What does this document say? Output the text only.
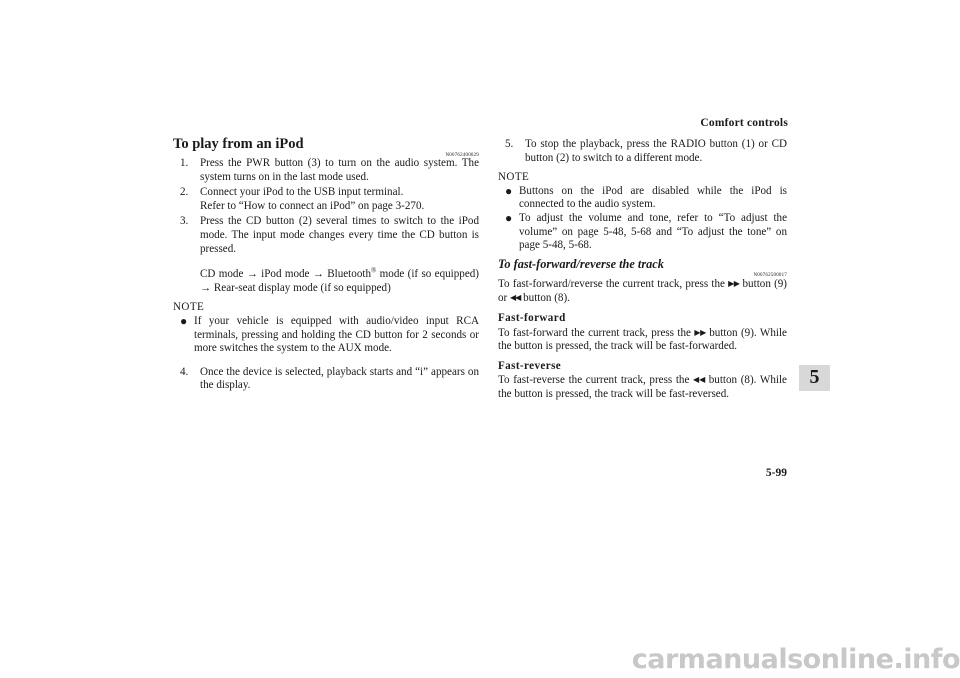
Comfort controls
5
5-99
To play from an iPod
N00762400029
1.	Press the PWR button (3) to turn on the audio system. The system turns on in the last mode used.
2.	Connect your iPod to the USB input terminal.
Refer to “How to connect an iPod” on page 3-270.
3.	Press the CD button (2) several times to switch to the iPod mode. The input mode changes every time the CD button is pressed.
CD mode → iPod mode → Bluetooth® mode (if so equipped) → Rear-seat display mode (if so equipped)
NOTE
● If your vehicle is equipped with audio/video input RCA terminals, pressing and holding the CD button for 2 seconds or more switches the system to the AUX mode.
4.	Once the device is selected, playback starts and “i” appears on the display.
5.	To stop the playback, press the RADIO button (1) or CD button (2) to switch to a different mode.
NOTE
● Buttons on the iPod are disabled while the iPod is connected to the audio system.
● To adjust the volume and tone, refer to “To adjust the volume” on page 5-48, 5-68 and “To adjust the tone” on page 5-48, 5-68.
To fast-forward/reverse the track
N00762500017
To fast-forward/reverse the current track, press the ▶▶ button (9) or ◀◀ button (8).
Fast-forward
To fast-forward the current track, press the ▶▶ button (9). While the button is pressed, the track will be fast-forwarded.
Fast-reverse
To fast-reverse the current track, press the ◀◀ button (8). While the button is pressed, the track will be fast-reversed.
carmanualsonline.info
